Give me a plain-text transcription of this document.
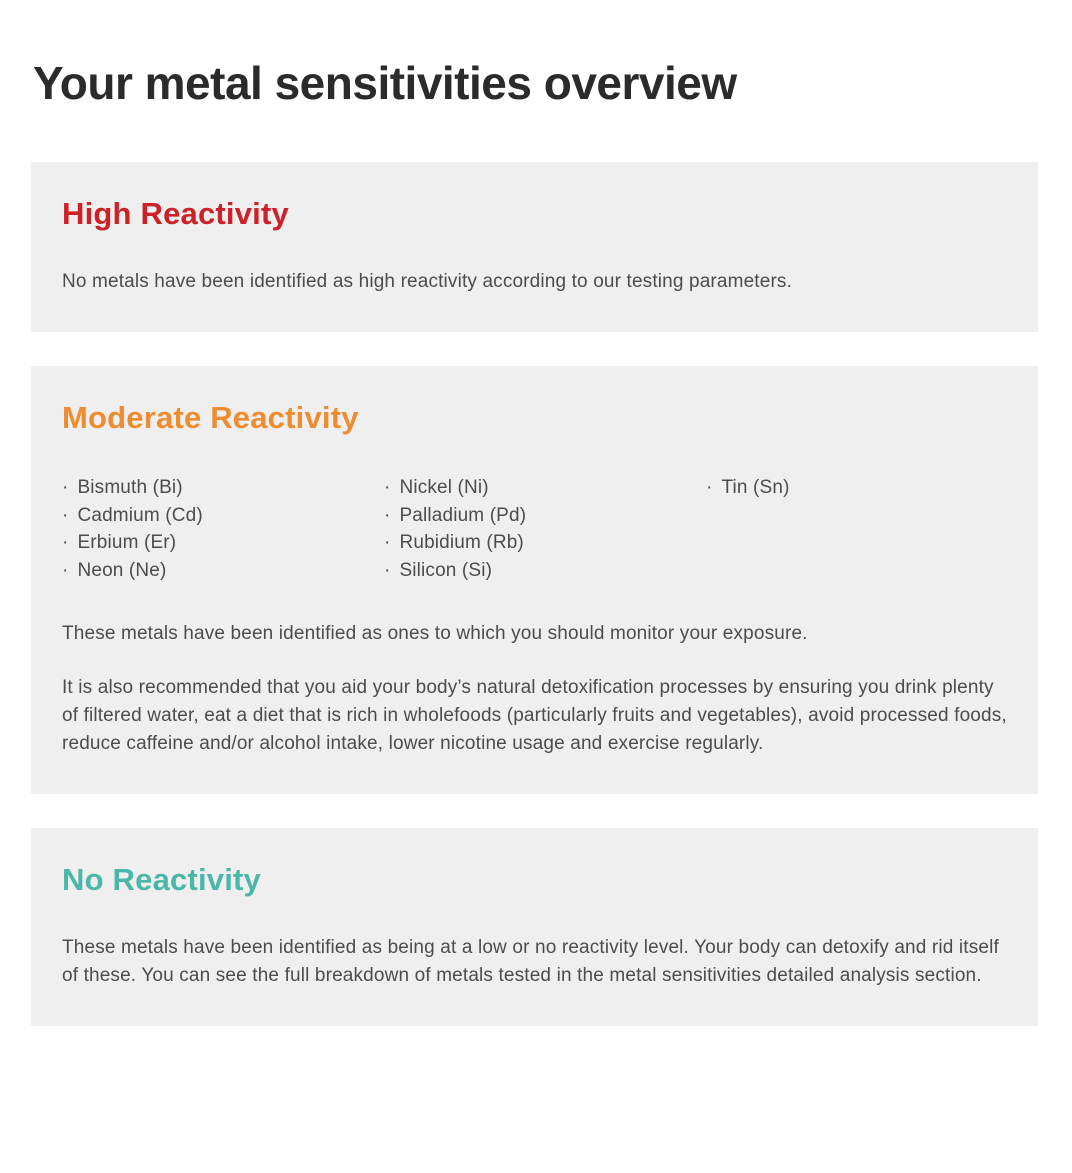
Your metal sensitivities overview
High Reactivity

No metals have been identified as high reactivity according to our testing parameters.

Moderate Reactivity
· Bismuth (Bi)
· Cadmium (Cd)
· Erbium (Er)
· Neon (Ne)
· Nickel (Ni)
· Palladium (Pd)
· Rubidium (Rb)
· Silicon (Si)
· Tin (Sn)

These metals have been identified as ones to which you should monitor your exposure.

It is also recommended that you aid your body’s natural detoxification processes by ensuring you drink plenty of filtered water, eat a diet that is rich in wholefoods (particularly fruits and vegetables), avoid processed foods, reduce caffeine and/or alcohol intake, lower nicotine usage and exercise regularly.

No Reactivity

These metals have been identified as being at a low or no reactivity level. Your body can detoxify and rid itself of these. You can see the full breakdown of metals tested in the metal sensitivities detailed analysis section.
